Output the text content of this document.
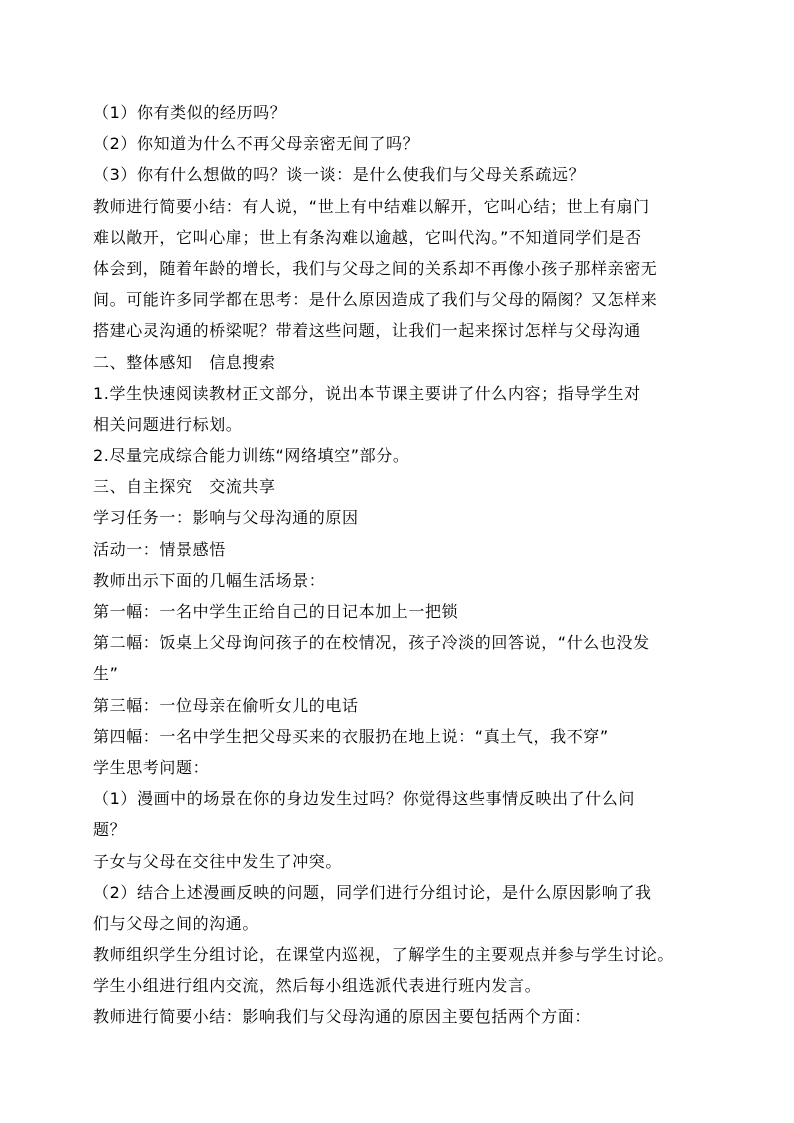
（1）你有类似的经历吗？
（2）你知道为什么不再父母亲密无间了吗？
（3）你有什么想做的吗？谈一谈：是什么使我们与父母关系疏远？
教师进行简要小结：有人说，“世上有中结难以解开，它叫心结；世上有扇门
难以敞开，它叫心扉；世上有条沟难以逾越，它叫代沟。”不知道同学们是否
体会到，随着年龄的增长，我们与父母之间的关系却不再像小孩子那样亲密无
间。可能许多同学都在思考：是什么原因造成了我们与父母的隔阂？又怎样来
搭建心灵沟通的桥梁呢？带着这些问题，让我们一起来探讨怎样与父母沟通
二、整体感知　信息搜索
1.学生快速阅读教材正文部分，说出本节课主要讲了什么内容；指导学生对
相关问题进行标划。
2.尽量完成综合能力训练“网络填空”部分。
三、自主探究　交流共享
学习任务一：影响与父母沟通的原因
活动一：情景感悟
教师出示下面的几幅生活场景：
第一幅：一名中学生正给自己的日记本加上一把锁
第二幅：饭桌上父母询问孩子的在校情况，孩子冷淡的回答说，“什么也没发
生”
第三幅：一位母亲在偷听女儿的电话
第四幅：一名中学生把父母买来的衣服扔在地上说：“真土气，我不穿”
学生思考问题：
（1）漫画中的场景在你的身边发生过吗？你觉得这些事情反映出了什么问
题？
子女与父母在交往中发生了冲突。
（2）结合上述漫画反映的问题，同学们进行分组讨论，是什么原因影响了我
们与父母之间的沟通。
教师组织学生分组讨论，在课堂内巡视，了解学生的主要观点并参与学生讨论。
学生小组进行组内交流，然后每小组选派代表进行班内发言。
教师进行简要小结：影响我们与父母沟通的原因主要包括两个方面：
